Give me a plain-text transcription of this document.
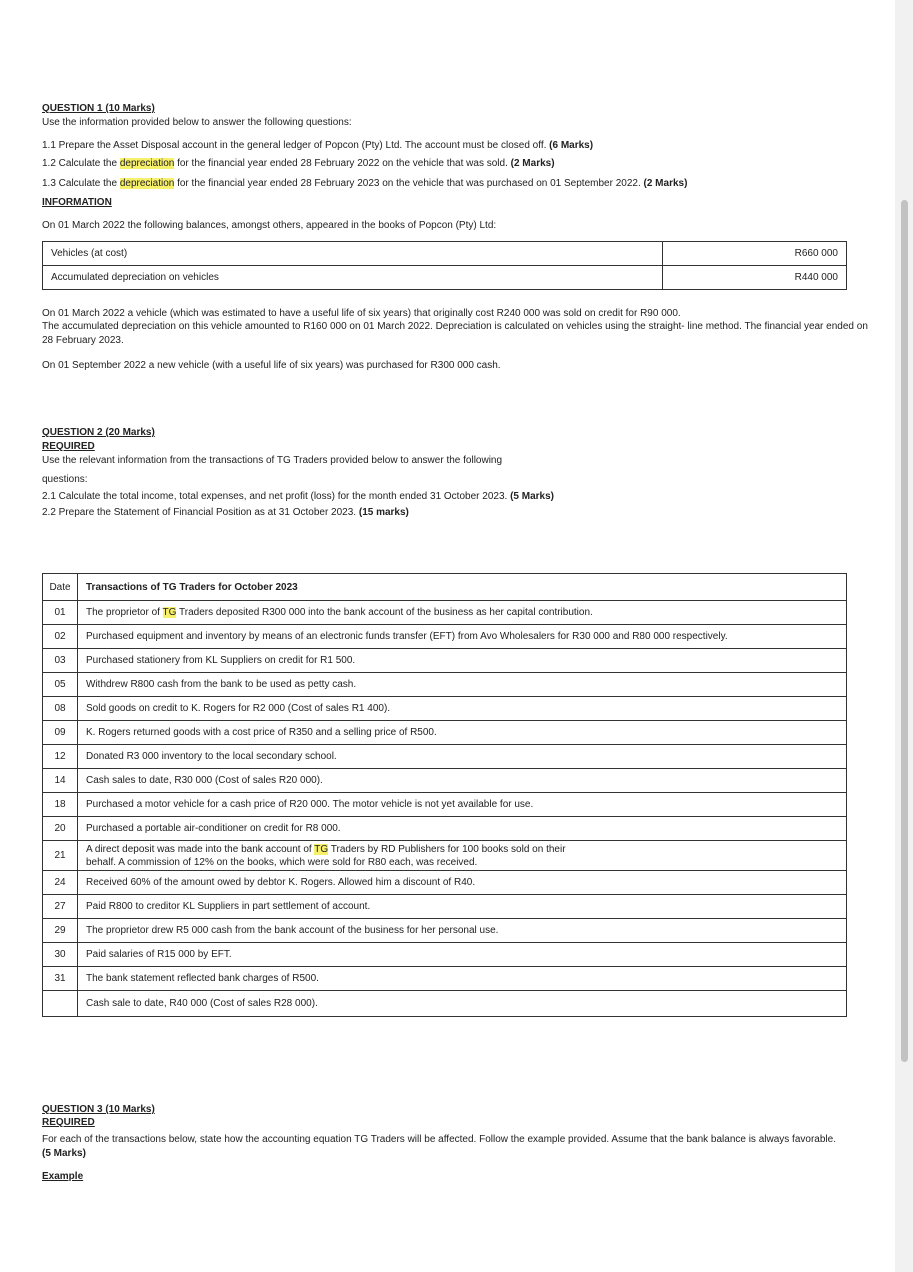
QUESTION 1 (10 Marks)
Use the information provided below to answer the following questions:
1.1 Prepare the Asset Disposal account in the general ledger of Popcon (Pty) Ltd. The account must be closed off. (6 Marks)
1.2 Calculate the depreciation for the financial year ended 28 February 2022 on the vehicle that was sold. (2 Marks)
1.3 Calculate the depreciation for the financial year ended 28 February 2023 on the vehicle that was purchased on 01 September 2022. (2 Marks)
INFORMATION
On 01 March 2022 the following balances, amongst others, appeared in the books of Popcon (Pty) Ltd:
Vehicles (at cost)	R660 000
Accumulated depreciation on vehicles	R440 000
On 01 March 2022 a vehicle (which was estimated to have a useful life of six years) that originally cost R240 000 was sold on credit for R90 000.
The accumulated depreciation on this vehicle amounted to R160 000 on 01 March 2022. Depreciation is calculated on vehicles using the straight- line method. The financial year ended on
28 February 2023.
On 01 September 2022 a new vehicle (with a useful life of six years) was purchased for R300 000 cash.
QUESTION 2 (20 Marks)
REQUIRED
Use the relevant information from the transactions of TG Traders provided below to answer the following
questions:
2.1 Calculate the total income, total expenses, and net profit (loss) for the month ended 31 October 2023. (5 Marks)
2.2 Prepare the Statement of Financial Position as at 31 October 2023. (15 marks)
Date	Transactions of TG Traders for October 2023
01	The proprietor of TG Traders deposited R300 000 into the bank account of the business as her capital contribution.
02	Purchased equipment and inventory by means of an electronic funds transfer (EFT) from Avo Wholesalers for R30 000 and R80 000 respectively.
03	Purchased stationery from KL Suppliers on credit for R1 500.
05	Withdrew R800 cash from the bank to be used as petty cash.
08	Sold goods on credit to K. Rogers for R2 000 (Cost of sales R1 400).
09	K. Rogers returned goods with a cost price of R350 and a selling price of R500.
12	Donated R3 000 inventory to the local secondary school.
14	Cash sales to date, R30 000 (Cost of sales R20 000).
18	Purchased a motor vehicle for a cash price of R20 000. The motor vehicle is not yet available for use.
20	Purchased a portable air-conditioner on credit for R8 000.
21	A direct deposit was made into the bank account of TG Traders by RD Publishers for 100 books sold on their
behalf. A commission of 12% on the books, which were sold for R80 each, was received.

24	Received 60% of the amount owed by debtor K. Rogers. Allowed him a discount of R40.
27	Paid R800 to creditor KL Suppliers in part settlement of account.
29	The proprietor drew R5 000 cash from the bank account of the business for her personal use.
30	Paid salaries of R15 000 by EFT.
31	The bank statement reflected bank charges of R500.
	Cash sale to date, R40 000 (Cost of sales R28 000).
QUESTION 3 (10 Marks)
REQUIRED
For each of the transactions below, state how the accounting equation TG Traders will be affected. Follow the example provided. Assume that the bank balance is always favorable.
(5 Marks)
Example
